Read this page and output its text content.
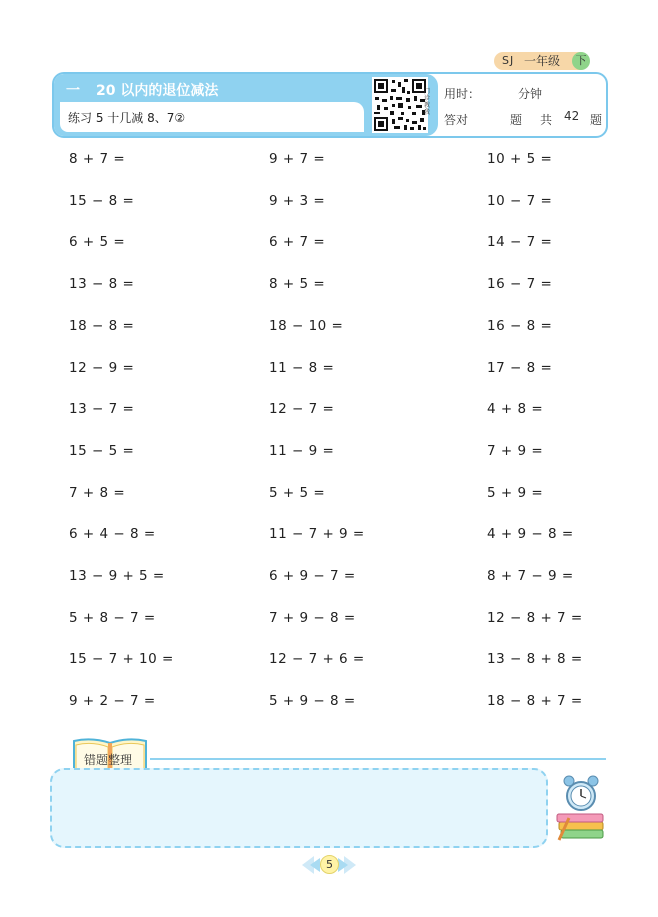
SJ 一年级	下
一 20 以内的退位减法
练习 5 十几减 8、7②
门诊教我
用时：	分钟
答对	题 共 42 题
8 + 7 =	9 + 7 =	10 + 5 =
15 − 8 =	9 + 3 =	10 − 7 =
6 + 5 =	6 + 7 =	14 − 7 =
13 − 8 =	8 + 5 =	16 − 7 =
18 − 8 =	18 − 10 =	16 − 8 =
12 − 9 =	11 − 8 =	17 − 8 =
13 − 7 =	12 − 7 =	4 + 8 =
15 − 5 =	11 − 9 =	7 + 9 =
7 + 8 =	5 + 5 =	5 + 9 =
6 + 4 − 8 =	11 − 7 + 9 =	4 + 9 − 8 =
13 − 9 + 5 =	6 + 9 − 7 =	8 + 7 − 9 =
5 + 8 − 7 =	7 + 9 − 8 =	12 − 8 + 7 =
15 − 7 + 10 =	12 − 7 + 6 =	13 − 8 + 8 =
9 + 2 − 7 =	5 + 9 − 8 =	18 − 8 + 7 =
错题整理
5
